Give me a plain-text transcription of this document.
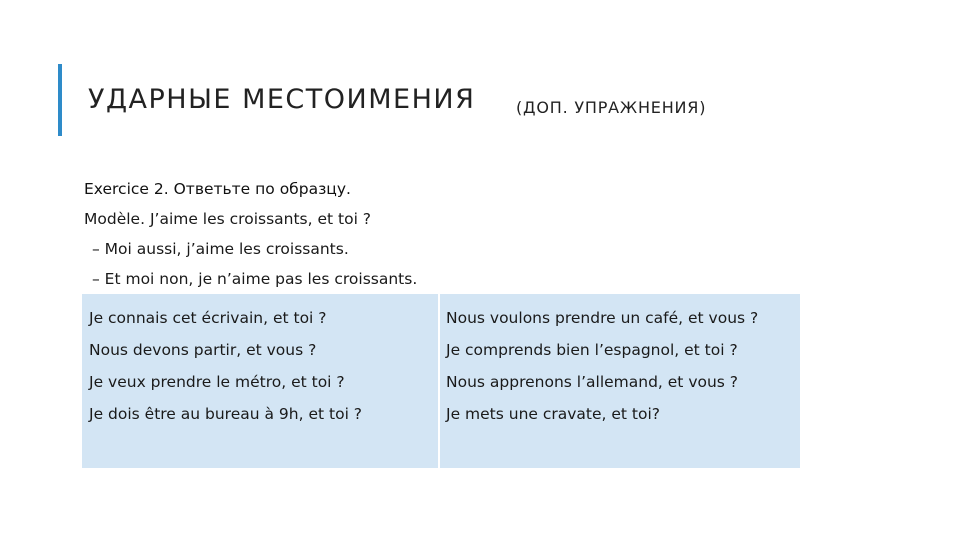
УДАРНЫЕ МЕСТОИМЕНИЯ	(ДОП. УПРАЖНЕНИЯ)
Exercice 2. Ответьте по образцу.
Modèle. J’aime les croissants, et toi ?
– Moi aussi, j’aime les croissants.
– Et moi non, je n’aime pas les croissants.
Je connais cet écrivain, et toi ?
Nous devons partir, et vous ?
Je veux prendre le métro, et toi ?
Je dois être au bureau à 9h, et toi ?
Nous voulons prendre un café, et vous ?
Je comprends bien l’espagnol, et toi ?
Nous apprenons l’allemand, et vous ?
Je mets une cravate, et toi?
